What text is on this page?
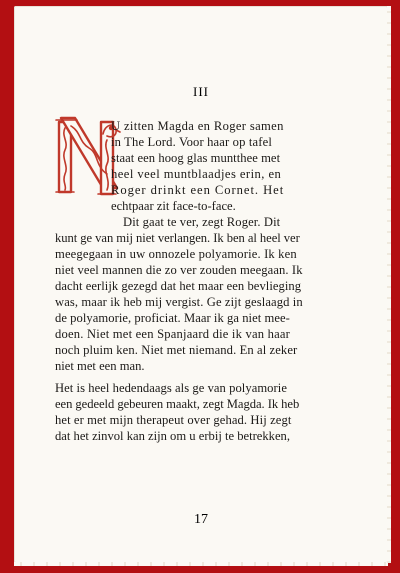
III
U zitten Magda en Roger samen
in The Lord. Voor haar op tafel
staat een hoog glas muntthee met
heel veel muntblaadjes erin, en
Roger drinkt een Cornet. Het
echtpaar zit face-to-face.
Dit gaat te ver, zegt Roger. Dit
kunt ge van mij niet verlangen. Ik ben al heel ver
meegegaan in uw onnozele polyamorie. Ik ken
niet veel mannen die zo ver zouden meegaan. Ik
dacht eerlijk gezegd dat het maar een bevlieging
was, maar ik heb mij vergist. Ge zijt geslaagd in
de polyamorie, proficiat. Maar ik ga niet mee-
doen. Niet met een Spanjaard die ik van haar
noch pluim ken. Niet met niemand. En al zeker
niet met een man.
Het is heel hedendaags als ge van polyamorie
een gedeeld gebeuren maakt, zegt Magda. Ik heb
het er met mijn therapeut over gehad. Hij zegt
dat het zinvol kan zijn om u erbij te betrekken,
17
